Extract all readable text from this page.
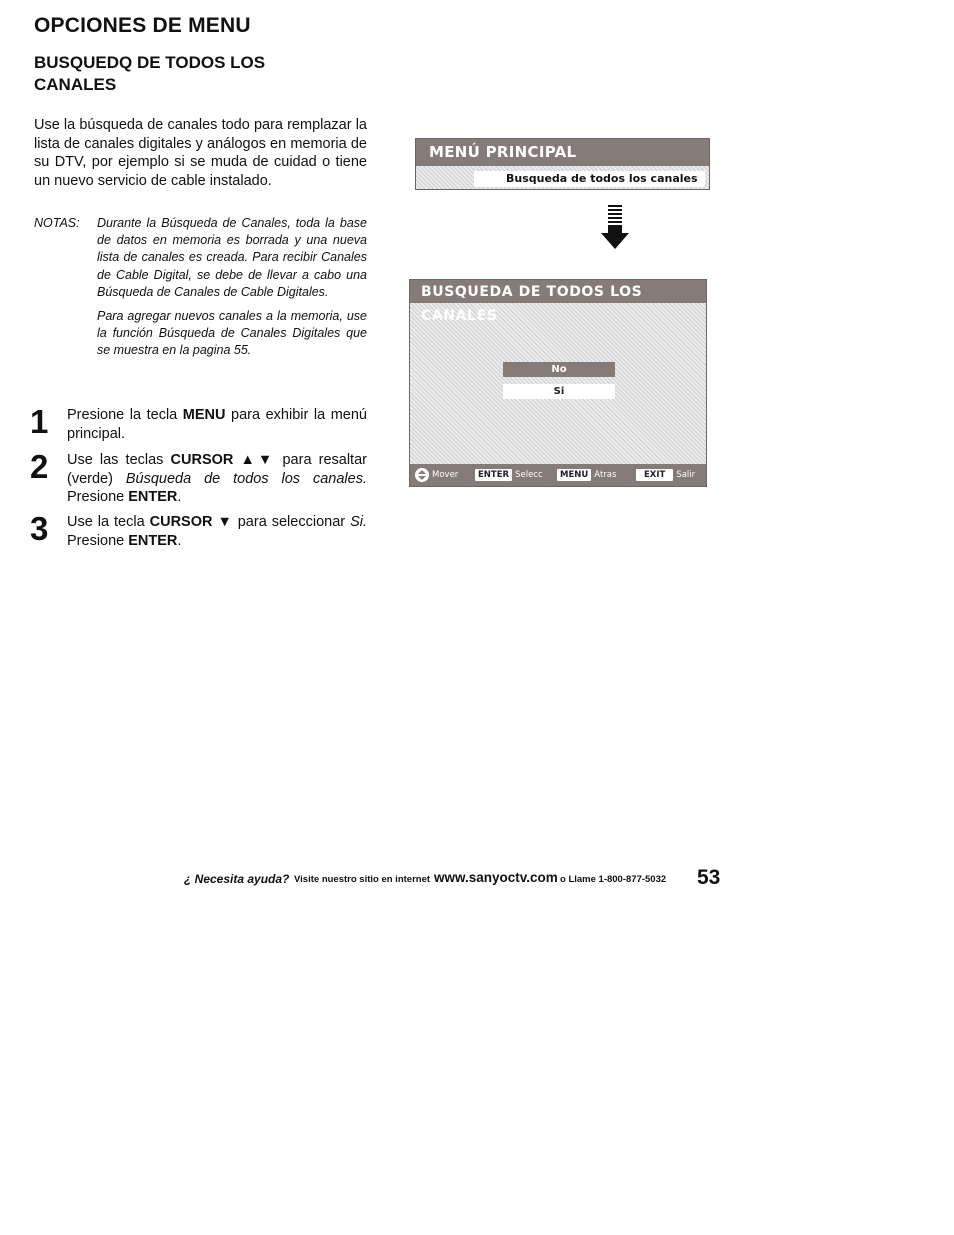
OPCIONES DE MENU
BUSQUEDQ DE TODOS LOS
CANALES

Use la búsqueda de canales todo para remplazar la lista de canales digitales y análogos en memoria de su DTV, por ejemplo si se muda de cuidad o tiene un nuevo servicio de cable instalado.

NOTAS: Durante la Búsqueda de Canales, toda la base de datos en memoria es borrada y una nueva lista de canales es creada. Para recibir Canales de Cable Digital, se debe de llevar a cabo una Búsqueda de Canales de Cable Digitales.

Para agregar nuevos canales a la memoria, use la función Búsqueda de Canales Digitales que se muestra en la pagina 55.

1 Presione la tecla MENU para exhibir la menú principal.
2 Use las teclas CURSOR ▲▼ para resaltar (verde) Búsqueda de todos los canales. Presione ENTER.
3 Use la tecla CURSOR ▼ para seleccionar Si. Presione ENTER.
MENÚ PRINCIPAL
Busqueda de todos los canales
BUSQUEDA DE TODOS LOS CANALES
No
Si
Mover	ENTER Selecc	MENU Atras	EXIT	Salir
¿ Necesita ayuda? Visite nuestro sitio en internet www.sanyoctv.com o Llame 1-800-877-5032 53
